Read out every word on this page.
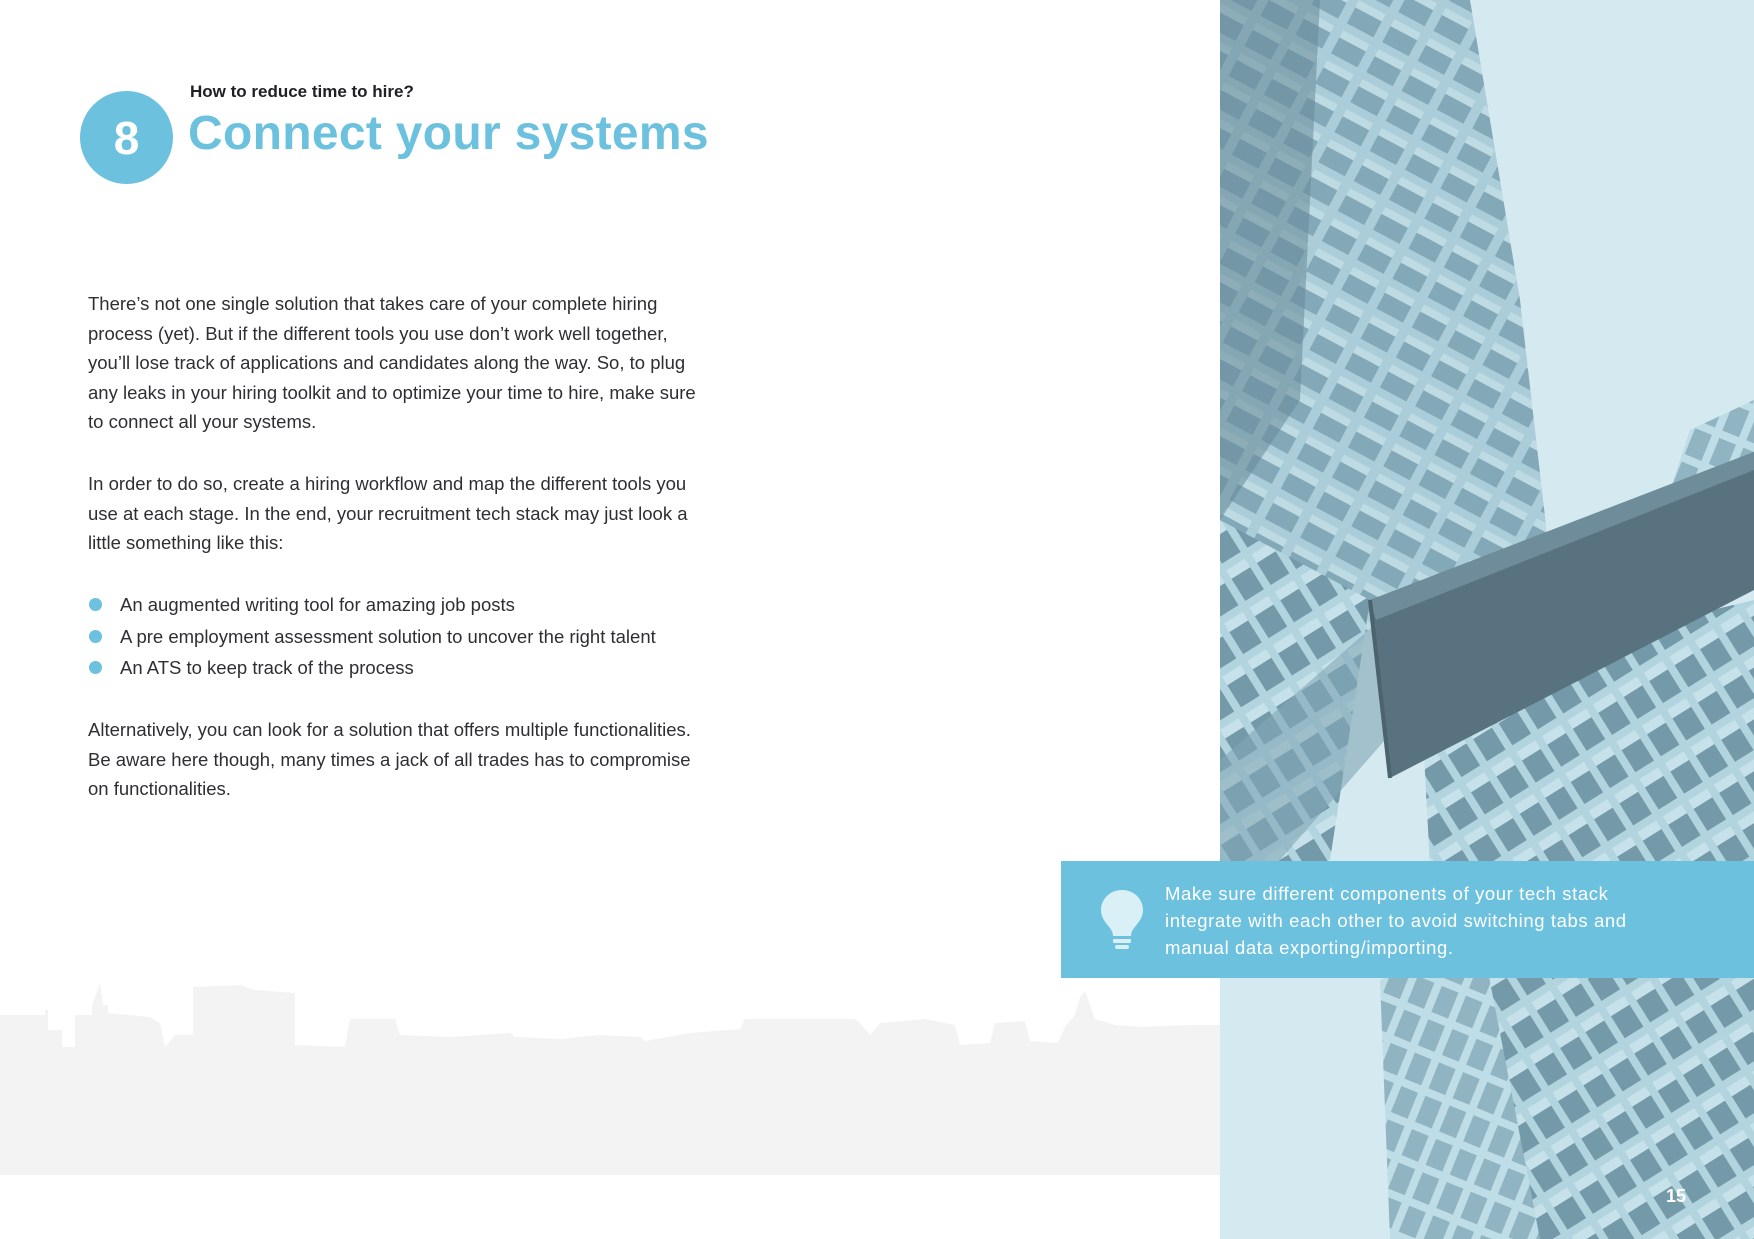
8
How to reduce time to hire?
Connect your systems

There’s not one single solution that takes care of your complete hiring process (yet). But if the different tools you use don’t work well together, you’ll lose track of applications and candidates along the way. So, to plug any leaks in your hiring toolkit and to optimize your time to hire, make sure to connect all your systems.

In order to do so, create a hiring workflow and map the different tools you use at each stage. In the end, your recruitment tech stack may just look a little something like this:

An augmented writing tool for amazing job posts
A pre employment assessment solution to uncover the right talent
An ATS to keep track of the process

Alternatively, you can look for a solution that offers multiple functionalities. Be aware here though, many times a jack of all trades has to compromise on functionalities.

Make sure different components of your tech stack integrate with each other to avoid switching tabs and manual data exporting/importing.
15
